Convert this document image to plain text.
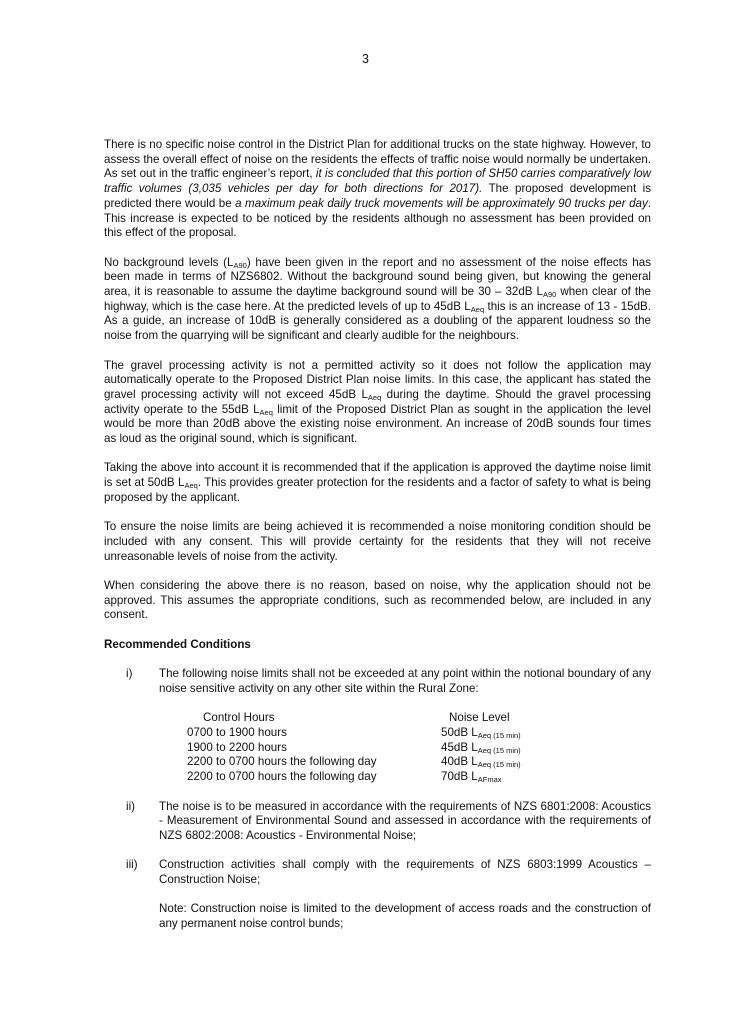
3

There is no specific noise control in the District Plan for additional trucks on the state highway. However, to assess the overall effect of noise on the residents the effects of traffic noise would normally be undertaken. As set out in the traffic engineer’s report, it is concluded that this portion of SH50 carries comparatively low traffic volumes (3,035 vehicles per day for both directions for 2017). The proposed development is predicted there would be a maximum peak daily truck movements will be approximately 90 trucks per day. This increase is expected to be noticed by the residents although no assessment has been provided on this effect of the proposal.

No background levels $(L_{A90})$ have been given in the report and no assessment of the noise effects has been made in terms of NZS6802. Without the background sound being given, but knowing the general area, it is reasonable to assume the daytime background sound will be 30 – 32dB $L_{A90}$ when clear of the highway, which is the case here. At the predicted levels of up to 45dB $L_{Aeq}$ this is an increase of 13 - 15dB. As a guide, an increase of 10dB is generally considered as a doubling of the apparent loudness so the noise from the quarrying will be significant and clearly audible for the neighbours.

The gravel processing activity is not a permitted activity so it does not follow the application may automatically operate to the Proposed District Plan noise limits. In this case, the applicant has stated the gravel processing activity will not exceed 45dB $L_{Aeq}$ during the daytime. Should the gravel processing activity operate to the 55dB $L_{Aeq}$ limit of the Proposed District Plan as sought in the application the level would be more than 20dB above the existing noise environment. An increase of 20dB sounds four times as loud as the original sound, which is significant.

Taking the above into account it is recommended that if the application is approved the daytime noise limit is set at 50dB $L_{Aeq}$. This provides greater protection for the residents and a factor of safety to what is being proposed by the applicant.

To ensure the noise limits are being achieved it is recommended a noise monitoring condition should be included with any consent. This will provide certainty for the residents that they will not receive unreasonable levels of noise from the activity.

When considering the above there is no reason, based on noise, why the application should not be approved. This assumes the appropriate conditions, such as recommended below, are included in any consent.

Recommended Conditions
i)	The following noise limits shall not be exceeded at any point within the notional boundary of any noise sensitive activity on any other site within the Rural Zone:

Control Hours	Noise Level
0700 to 1900 hours	50dB $L_{Aeq (15 min)}$
1900 to 2200 hours	45dB $L_{Aeq (15 min)}$
2200 to 0700 hours the following day	40dB $L_{Aeq (15 min)}$
2200 to 0700 hours the following day	70dB $L_{AFmax}$
ii)	The noise is to be measured in accordance with the requirements of NZS 6801:2008: Acoustics - Measurement of Environmental Sound and assessed in accordance with the requirements of NZS 6802:2008: Acoustics - Environmental Noise;

iii)	Construction activities shall comply with the requirements of NZS 6803:1999 Acoustics – Construction Noise;

Note: Construction noise is limited to the development of access roads and the construction of any permanent noise control bunds;
